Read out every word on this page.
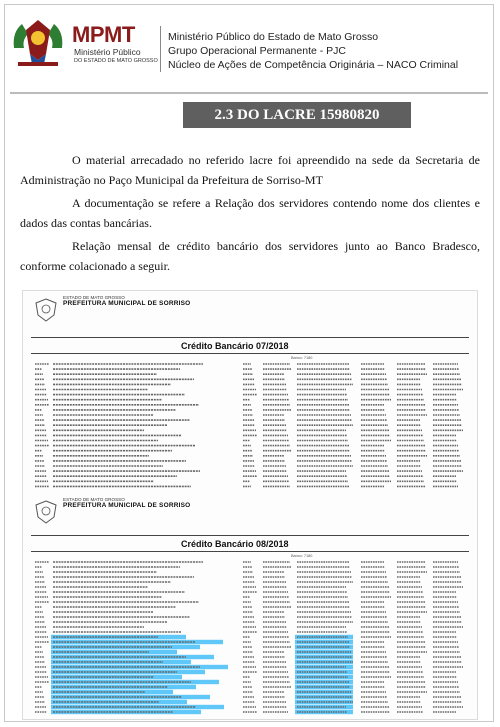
MPMT
Ministério Público
DO ESTADO DE MATO GROSSO
Ministério Público do Estado de Mato Grosso
Grupo Operacional Permanente - PJC
Núcleo de Ações de Competência Originária – NACO Criminal
2.3 DO LACRE 15980820
O material arrecadado no referido lacre foi apreendido na sede da Secretaria de Administração no Paço Municipal da Prefeitura de Sorriso-MT
A documentação se refere a Relação dos servidores contendo nome dos clientes e dados das contas bancárias.
Relação mensal de crédito bancário dos servidores junto ao Banco Bradesco, conforme colacionado a seguir.
ESTADO DE MATO GROSSO
PREFEITURA MUNICIPAL DE SORRISO
Crédito Bancário 07/2018
Banco: 7180
ESTADO DE MATO GROSSO
PREFEITURA MUNICIPAL DE SORRISO
Crédito Bancário 08/2018
Banco: 7180
